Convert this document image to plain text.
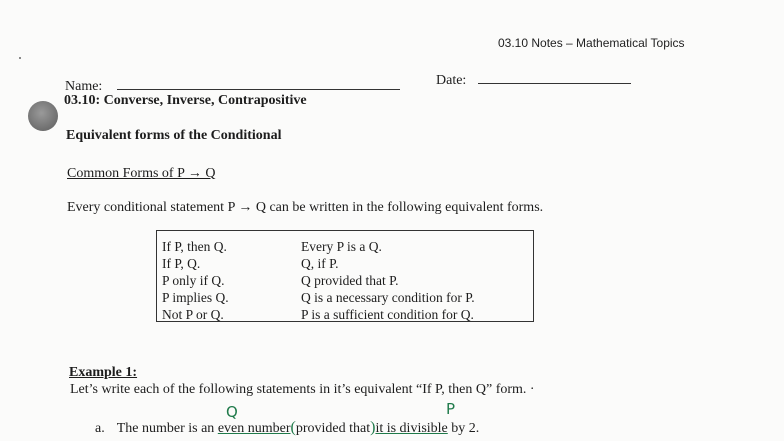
03.10 Notes – Mathematical Topics
Name:	Date:
03.10: Converse, Inverse, Contrapositive
Equivalent forms of the Conditional
Common Forms of P → Q
Every conditional statement P → Q can be written in the following equivalent forms.
If P, then Q.
If P, Q.
P only if Q.
P implies Q.
Not P or Q.
Every P is a Q.
Q, if P.
Q provided that P.
Q is a necessary condition for P.
P is a sufficient condition for Q.
Example 1:
Let’s write each of the following statements in it’s equivalent “If P, then Q” form. ·
Q	P
a. The number is an even number(provided that)it is divisible by 2.
